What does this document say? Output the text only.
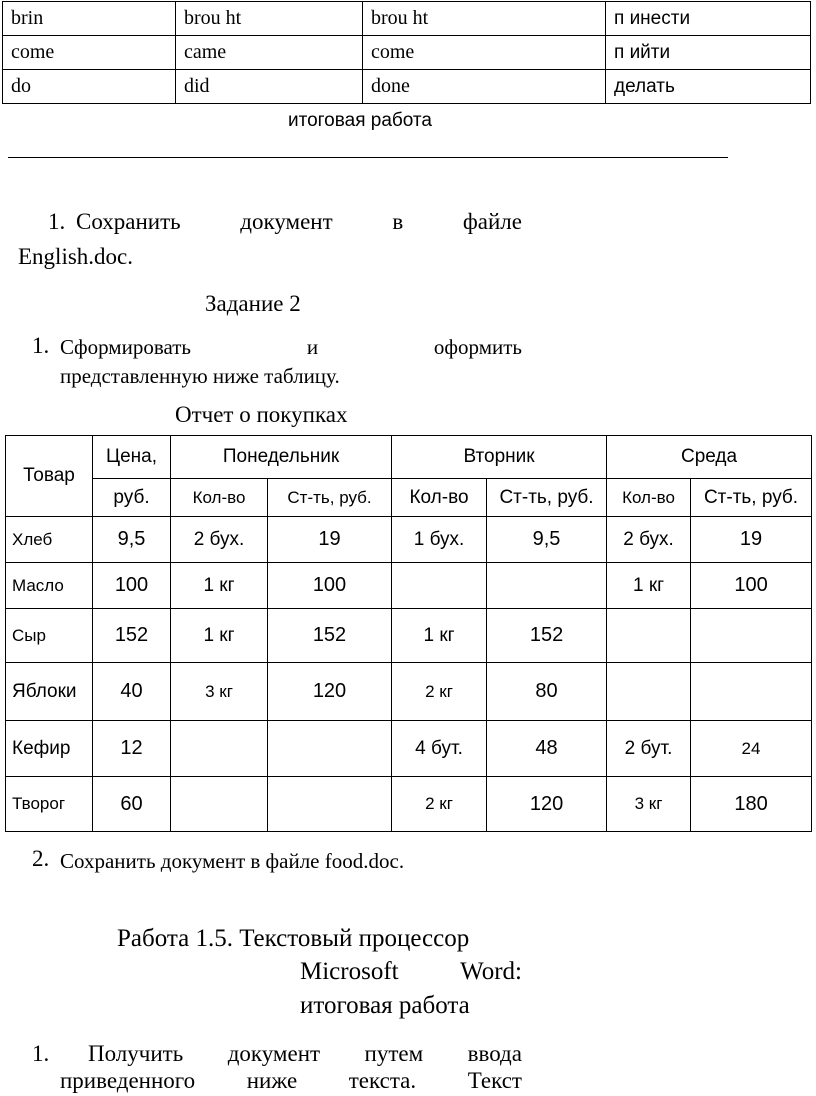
brin	brou ht	brou ht	п инести
come	came	come	п ийти
do	did	done	делать
итоговая работа
1. Сохранить	документ	в	файле
English.doc.
Задание 2
1. Сформировать	и	оформить
представленную ниже таблицу.
Отчет о покупках
Товар	Цена,	Понедельник		Вторник		Среда	
	руб.	Кол-во	Ст-ть, руб.	Кол-во	Ст-ть, руб.	Кол-во	Ст-ть, руб.
Хлеб	9,5	2 бух.	19	1 бух.	9,5	2 бух.	19
Масло	100	1 кг	100			1 кг	100
Сыр	152	1 кг	152	1 кг	152		
Яблоки	40	3 кг	120	2 кг	80		
Кефир	12			4 бут.	48	2 бут.	24
Творог	60			2 кг	120	3 кг	180
2. Сохранить документ в файле food.doc.
Работа 1.5. Текстовый процессор
Microsoft Word:
итоговая работа
1. Получить документ путем ввода
приведенного ниже текста. Текст
